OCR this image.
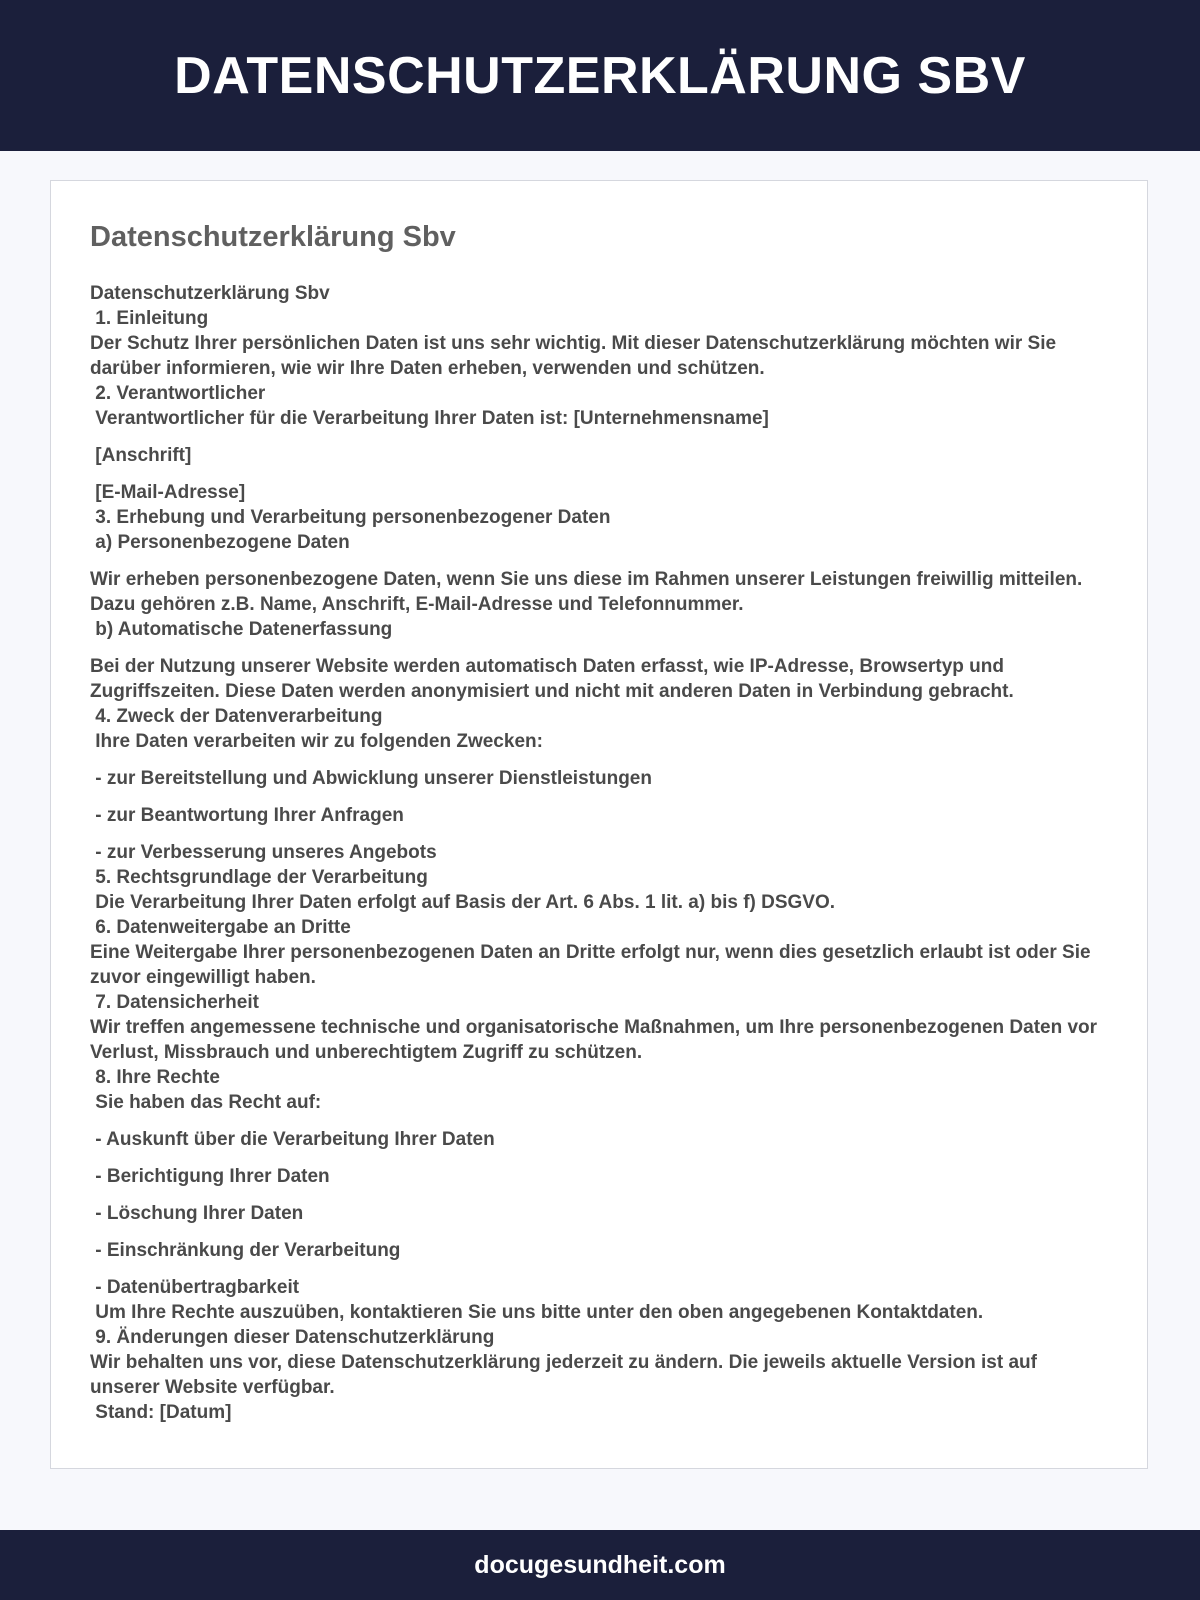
DATENSCHUTZERKLÄRUNG SBV
Datenschutzerklärung Sbv
Datenschutzerklärung Sbv
1. Einleitung
Der Schutz Ihrer persönlichen Daten ist uns sehr wichtig. Mit dieser Datenschutzerklärung möchten wir Sie darüber informieren, wie wir Ihre Daten erheben, verwenden und schützen.
2. Verantwortlicher
Verantwortlicher für die Verarbeitung Ihrer Daten ist: [Unternehmensname]
[Anschrift]
[E-Mail-Adresse]
3. Erhebung und Verarbeitung personenbezogener Daten
a) Personenbezogene Daten
Wir erheben personenbezogene Daten, wenn Sie uns diese im Rahmen unserer Leistungen freiwillig mitteilen. Dazu gehören z.B. Name, Anschrift, E-Mail-Adresse und Telefonnummer.
b) Automatische Datenerfassung
Bei der Nutzung unserer Website werden automatisch Daten erfasst, wie IP-Adresse, Browsertyp und Zugriffszeiten. Diese Daten werden anonymisiert und nicht mit anderen Daten in Verbindung gebracht.
4. Zweck der Datenverarbeitung
Ihre Daten verarbeiten wir zu folgenden Zwecken:
- zur Bereitstellung und Abwicklung unserer Dienstleistungen
- zur Beantwortung Ihrer Anfragen
- zur Verbesserung unseres Angebots
5. Rechtsgrundlage der Verarbeitung
Die Verarbeitung Ihrer Daten erfolgt auf Basis der Art. 6 Abs. 1 lit. a) bis f) DSGVO.
6. Datenweitergabe an Dritte
Eine Weitergabe Ihrer personenbezogenen Daten an Dritte erfolgt nur, wenn dies gesetzlich erlaubt ist oder Sie zuvor eingewilligt haben.
7. Datensicherheit
Wir treffen angemessene technische und organisatorische Maßnahmen, um Ihre personenbezogenen Daten vor Verlust, Missbrauch und unberechtigtem Zugriff zu schützen.
8. Ihre Rechte
Sie haben das Recht auf:
- Auskunft über die Verarbeitung Ihrer Daten
- Berichtigung Ihrer Daten
- Löschung Ihrer Daten
- Einschränkung der Verarbeitung
- Datenübertragbarkeit
Um Ihre Rechte auszuüben, kontaktieren Sie uns bitte unter den oben angegebenen Kontaktdaten.
9. Änderungen dieser Datenschutzerklärung
Wir behalten uns vor, diese Datenschutzerklärung jederzeit zu ändern. Die jeweils aktuelle Version ist auf unserer Website verfügbar.
Stand: [Datum]
docugesundheit.com
